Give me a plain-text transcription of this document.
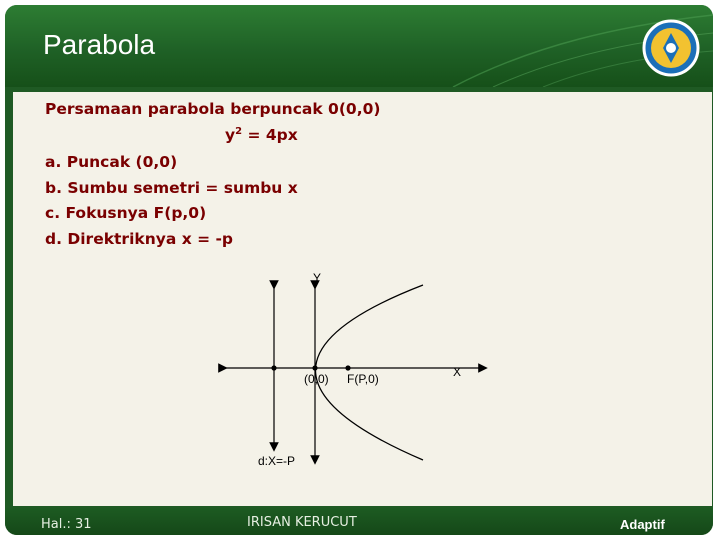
Parabola
Persamaan parabola berpuncak 0(0,0)
$y^2 = 4px$
a. Puncak (0,0)
b. Sumbu semetri = sumbu x
c. Fokusnya F(p,0)
d. Direktriknya x = -p
Y
X
(0,0) F(P,0)
d:X=-P
Hal.: 31	IRISAN KERUCUT	Adaptif
